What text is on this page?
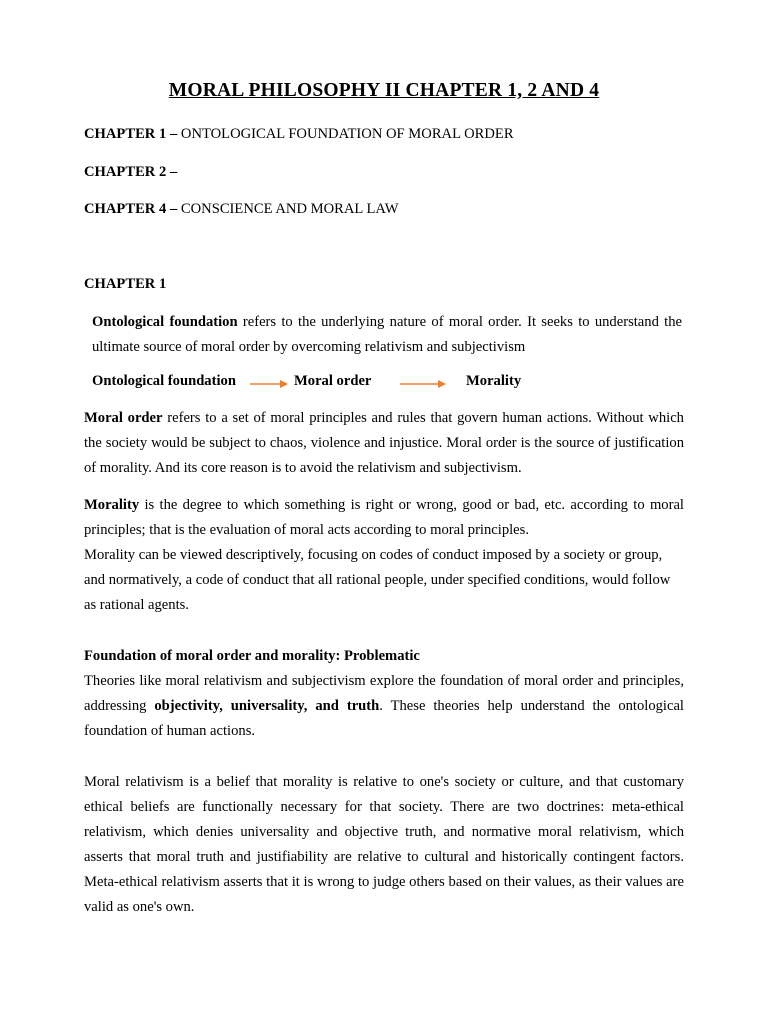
MORAL PHILOSOPHY II CHAPTER 1, 2 AND 4
CHAPTER 1 – ONTOLOGICAL FOUNDATION OF MORAL ORDER
CHAPTER 2 –
CHAPTER 4 – CONSCIENCE AND MORAL LAW
CHAPTER 1

Ontological foundation refers to the underlying nature of moral order. It seeks to understand the ultimate source of moral order by overcoming relativism and subjectivism

Ontological foundation	Moral order	Morality

Moral order refers to a set of moral principles and rules that govern human actions. Without which the society would be subject to chaos, violence and injustice. Moral order is the source of justification of morality. And its core reason is to avoid the relativism and subjectivism.

Morality is the degree to which something is right or wrong, good or bad, etc. according to moral principles; that is the evaluation of moral acts according to moral principles.
Morality can be viewed descriptively, focusing on codes of conduct imposed by a society or group, and normatively, a code of conduct that all rational people, under specified conditions, would follow as rational agents.
Foundation of moral order and morality: Problematic

Theories like moral relativism and subjectivism explore the foundation of moral order and principles, addressing objectivity, universality, and truth. These theories help understand the ontological foundation of human actions.

Moral relativism is a belief that morality is relative to one's society or culture, and that customary ethical beliefs are functionally necessary for that society. There are two doctrines: meta-ethical relativism, which denies universality and objective truth, and normative moral relativism, which asserts that moral truth and justifiability are relative to cultural and historically contingent factors. Meta-ethical relativism asserts that it is wrong to judge others based on their values, as their values are valid as one's own.
